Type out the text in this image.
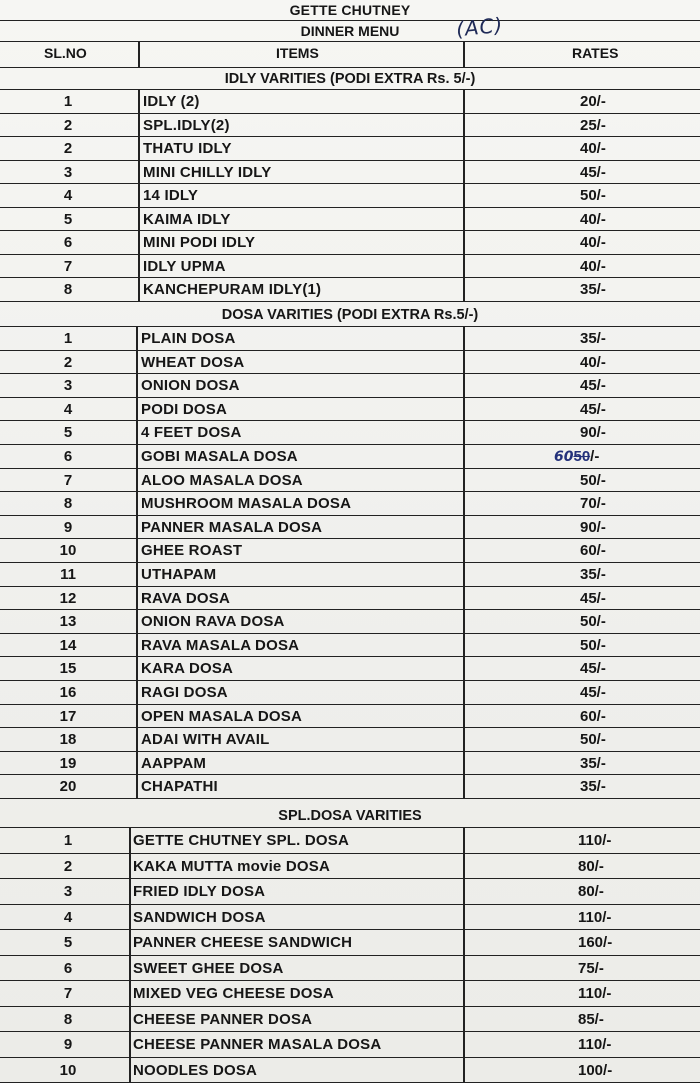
GETTE CHUTNEY
DINNER MENU	(AC)
SL.NO	ITEMS	RATES
IDLY VARITIES (PODI EXTRA Rs. 5/-)
1	IDLY (2)	20/-
2	SPL.IDLY(2)	25/-
2	THATU IDLY	40/-
3	MINI CHILLY IDLY	45/-
4	14 IDLY	50/-
5	KAIMA IDLY	40/-
6	MINI PODI IDLY	40/-
7	IDLY UPMA	40/-
8	KANCHEPURAM IDLY(1)	35/-
DOSA VARITIES (PODI EXTRA Rs.5/-)
1	PLAIN DOSA	35/-
2	WHEAT DOSA	40/-
3	ONION DOSA	45/-
4	PODI DOSA	45/-
5	4 FEET DOSA	90/-
6	GOBI MASALA DOSA	6050/-
7	ALOO MASALA DOSA	50/-
8	MUSHROOM MASALA DOSA	70/-
9	PANNER MASALA DOSA	90/-
10	GHEE ROAST	60/-
11	UTHAPAM	35/-
12	RAVA DOSA	45/-
13	ONION RAVA DOSA	50/-
14	RAVA MASALA DOSA	50/-
15	KARA DOSA	45/-
16	RAGI DOSA	45/-
17	OPEN MASALA DOSA	60/-
18	ADAI WITH AVAIL	50/-
19	AAPPAM	35/-
20	CHAPATHI	35/-
SPL.DOSA VARITIES
1	GETTE CHUTNEY SPL. DOSA	110/-
2	KAKA MUTTA movie DOSA	80/-
3	FRIED IDLY DOSA	80/-
4	SANDWICH DOSA	110/-
5	PANNER CHEESE SANDWICH	160/-
6	SWEET GHEE DOSA	75/-
7	MIXED VEG CHEESE DOSA	110/-
8	CHEESE PANNER DOSA	85/-
9	CHEESE PANNER MASALA DOSA	110/-
10	NOODLES DOSA	100/-
